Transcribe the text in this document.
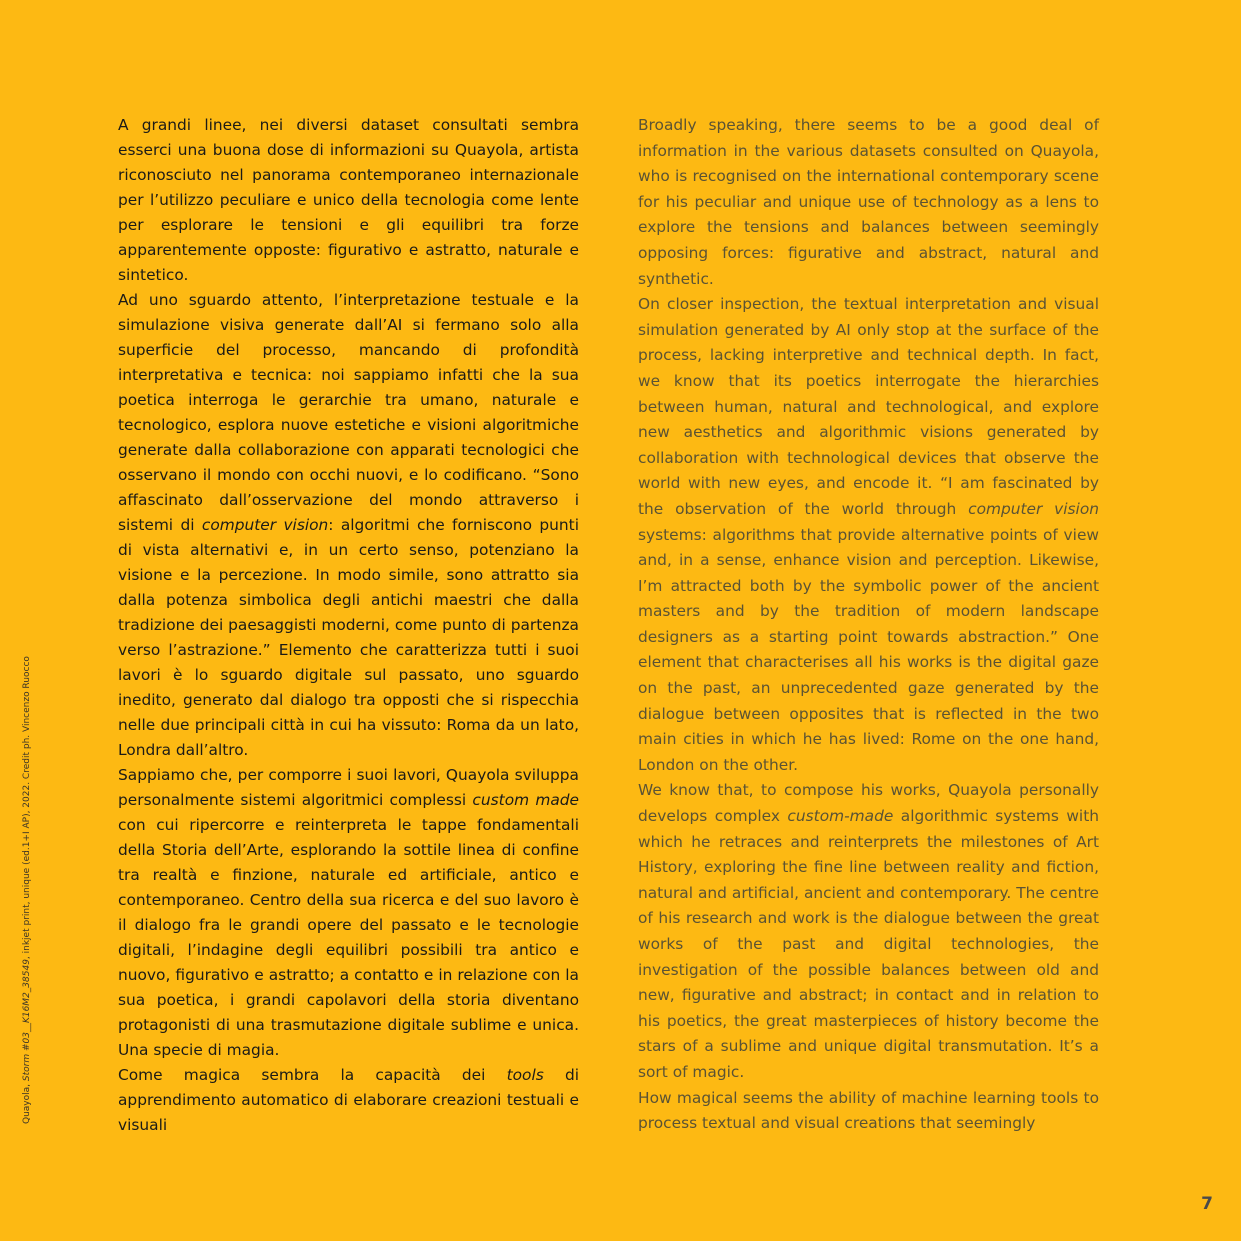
Quayola, Storm #03__K16M2_38549, inkjet print, unique (ed.1+I AP), 2022. Credit ph. Vincenzo Ruocco

A grandi linee, nei diversi dataset consultati sembra esserci una buona dose di informazioni su Quayola, artista riconosciuto nel panorama contemporaneo internazionale per l’utilizzo peculiare e unico della tecnologia come lente per esplorare le tensioni e gli equilibri tra forze apparentemente opposte: figurativo e astratto, naturale e sintetico.

Ad uno sguardo attento, l’interpretazione testuale e la simulazione visiva generate dall’AI si fermano solo alla superficie del processo, mancando di profondità interpretativa e tecnica: noi sappiamo infatti che la sua poetica interroga le gerarchie tra umano, naturale e tecnologico, esplora nuove estetiche e visioni algoritmiche generate dalla collaborazione con apparati tecnologici che osservano il mondo con occhi nuovi, e lo codificano. “Sono affascinato dall’osservazione del mondo attraverso i sistemi di computer vision: algoritmi che forniscono punti di vista alternativi e, in un certo senso, potenziano la visione e la percezione. In modo simile, sono attratto sia dalla potenza simbolica degli antichi maestri che dalla tradizione dei paesaggisti moderni, come punto di partenza verso l’astrazione.” Elemento che caratterizza tutti i suoi lavori è lo sguardo digitale sul passato, uno sguardo inedito, generato dal dialogo tra opposti che si rispecchia nelle due principali città in cui ha vissuto: Roma da un lato, Londra dall’altro.

Sappiamo che, per comporre i suoi lavori, Quayola sviluppa personalmente sistemi algoritmici complessi custom made con cui ripercorre e reinterpreta le tappe fondamentali della Storia dell’Arte, esplorando la sottile linea di confine tra realtà e finzione, naturale ed artificiale, antico e contemporaneo. Centro della sua ricerca e del suo lavoro è il dialogo fra le grandi opere del passato e le tecnologie digitali, l’indagine degli equilibri possibili tra antico e nuovo, figurativo e astratto; a contatto e in relazione con la sua poetica, i grandi capolavori della storia diventano protagonisti di una trasmutazione digitale sublime e unica. Una specie di magia.

Come magica sembra la capacità dei tools di apprendimento automatico di elaborare creazioni testuali e visuali

Broadly speaking, there seems to be a good deal of information in the various datasets consulted on Quayola, who is recognised on the international contemporary scene for his peculiar and unique use of technology as a lens to explore the tensions and balances between seemingly opposing forces: figurative and abstract, natural and synthetic.

On closer inspection, the textual interpretation and visual simulation generated by AI only stop at the surface of the process, lacking interpretive and technical depth. In fact, we know that its poetics interrogate the hierarchies between human, natural and technological, and explore new aesthetics and algorithmic visions generated by collaboration with technological devices that observe the world with new eyes, and encode it. “I am fascinated by the observation of the world through computer vision systems: algorithms that provide alternative points of view and, in a sense, enhance vision and perception. Likewise, I’m attracted both by the symbolic power of the ancient masters and by the tradition of modern landscape designers as a starting point towards abstraction.” One element that characterises all his works is the digital gaze on the past, an unprecedented gaze generated by the dialogue between opposites that is reflected in the two main cities in which he has lived: Rome on the one hand, London on the other.

We know that, to compose his works, Quayola personally develops complex custom-made algorithmic systems with which he retraces and reinterprets the milestones of Art History, exploring the fine line between reality and fiction, natural and artificial, ancient and contemporary. The centre of his research and work is the dialogue between the great works of the past and digital technologies, the investigation of the possible balances between old and new, figurative and abstract; in contact and in relation to his poetics, the great masterpieces of history become the stars of a sublime and unique digital transmutation. It’s a sort of magic.

How magical seems the ability of machine learning tools to process textual and visual creations that seemingly

7
